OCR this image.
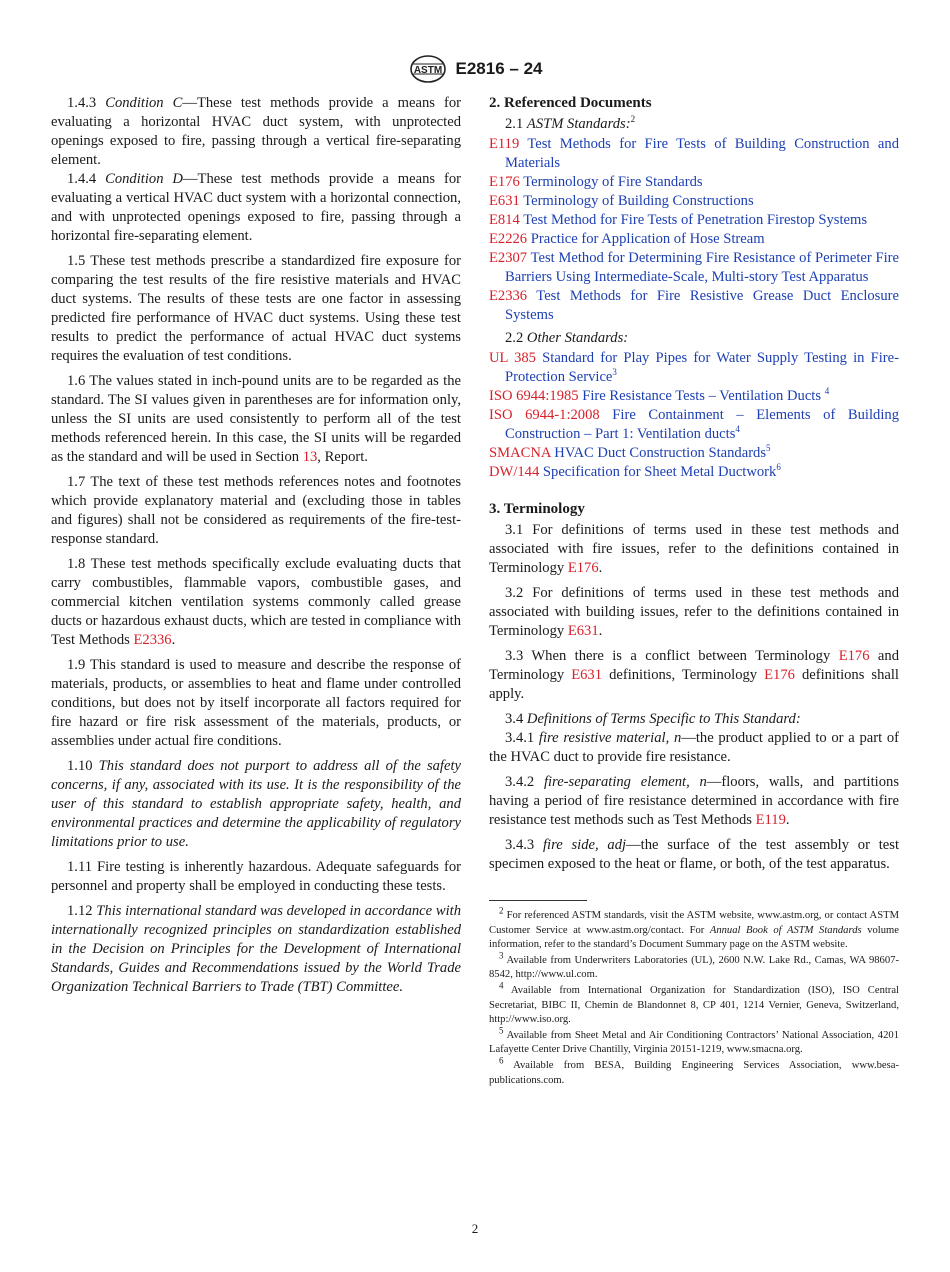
ASTM E2816 – 24

1.4.3 Condition C—These test methods provide a means for evaluating a horizontal HVAC duct system, with unprotected openings exposed to fire, passing through a vertical fire-separating element.

1.4.4 Condition D—These test methods provide a means for evaluating a vertical HVAC duct system with a horizontal connection, and with unprotected openings exposed to fire, passing through a horizontal fire-separating element.

1.5 These test methods prescribe a standardized fire exposure for comparing the test results of the fire resistive materials and HVAC duct systems. The results of these tests are one factor in assessing predicted fire performance of HVAC duct systems. Using these test results to predict the performance of actual HVAC duct systems requires the evaluation of test conditions.

1.6 The values stated in inch-pound units are to be regarded as the standard. The SI values given in parentheses are for information only, unless the SI units are used consistently to perform all of the test methods referenced herein. In this case, the SI units will be regarded as the standard and will be used in Section 13, Report.

1.7 The text of these test methods references notes and footnotes which provide explanatory material and (excluding those in tables and figures) shall not be considered as requirements of the fire-test-response standard.

1.8 These test methods specifically exclude evaluating ducts that carry combustibles, flammable vapors, combustible gases, and commercial kitchen ventilation systems commonly called grease ducts or hazardous exhaust ducts, which are tested in compliance with Test Methods E2336.

1.9 This standard is used to measure and describe the response of materials, products, or assemblies to heat and flame under controlled conditions, but does not by itself incorporate all factors required for fire hazard or fire risk assessment of the materials, products, or assemblies under actual fire conditions.

1.10 This standard does not purport to address all of the safety concerns, if any, associated with its use. It is the responsibility of the user of this standard to establish appropriate safety, health, and environmental practices and determine the applicability of regulatory limitations prior to use.

1.11 Fire testing is inherently hazardous. Adequate safeguards for personnel and property shall be employed in conducting these tests.

1.12 This international standard was developed in accordance with internationally recognized principles on standardization established in the Decision on Principles for the Development of International Standards, Guides and Recommendations issued by the World Trade Organization Technical Barriers to Trade (TBT) Committee.

2. Referenced Documents
2.1 ASTM Standards:$^2$
E119 Test Methods for Fire Tests of Building Construction and Materials
E176 Terminology of Fire Standards
E631 Terminology of Building Constructions
E814 Test Method for Fire Tests of Penetration Firestop Systems
E2226 Practice for Application of Hose Stream
E2307 Test Method for Determining Fire Resistance of Perimeter Fire Barriers Using Intermediate-Scale, Multi-story Test Apparatus
E2336 Test Methods for Fire Resistive Grease Duct Enclosure Systems
2.2 Other Standards:
UL 385 Standard for Play Pipes for Water Supply Testing in Fire-Protection Service$^3$
ISO 6944:1985 Fire Resistance Tests – Ventilation Ducts $^4$
ISO 6944-1:2008 Fire Containment – Elements of Building Construction – Part 1: Ventilation ducts$^4$
SMACNA HVAC Duct Construction Standards$^5$
DW/144 Specification for Sheet Metal Ductwork$^6$
3. Terminology

3.1 For definitions of terms used in these test methods and associated with fire issues, refer to the definitions contained in Terminology E176.

3.2 For definitions of terms used in these test methods and associated with building issues, refer to the definitions contained in Terminology E631.

3.3 When there is a conflict between Terminology E176 and Terminology E631 definitions, Terminology E176 definitions shall apply.

3.4 Definitions of Terms Specific to This Standard:

3.4.1 fire resistive material, n—the product applied to or a part of the HVAC duct to provide fire resistance.

3.4.2 fire-separating element, n—floors, walls, and partitions having a period of fire resistance determined in accordance with fire resistance test methods such as Test Methods E119.

3.4.3 fire side, adj—the surface of the test assembly or test specimen exposed to the heat or flame, or both, of the test apparatus.

$^2$ For referenced ASTM standards, visit the ASTM website, www.astm.org, or contact ASTM Customer Service at www.astm.org/contact. For Annual Book of ASTM Standards volume information, refer to the standard’s Document Summary page on the ASTM website.
$^3$ Available from Underwriters Laboratories (UL), 2600 N.W. Lake Rd., Camas, WA 98607-8542, http://www.ul.com.
$^4$ Available from International Organization for Standardization (ISO), ISO Central Secretariat, BIBC II, Chemin de Blandonnet 8, CP 401, 1214 Vernier, Geneva, Switzerland, http://www.iso.org.
$^5$ Available from Sheet Metal and Air Conditioning Contractors’ National Association, 4201 Lafayette Center Drive Chantilly, Virginia 20151-1219, www.smacna.org.
$^6$ Available from BESA, Building Engineering Services Association, www.besa-publications.com.
2
